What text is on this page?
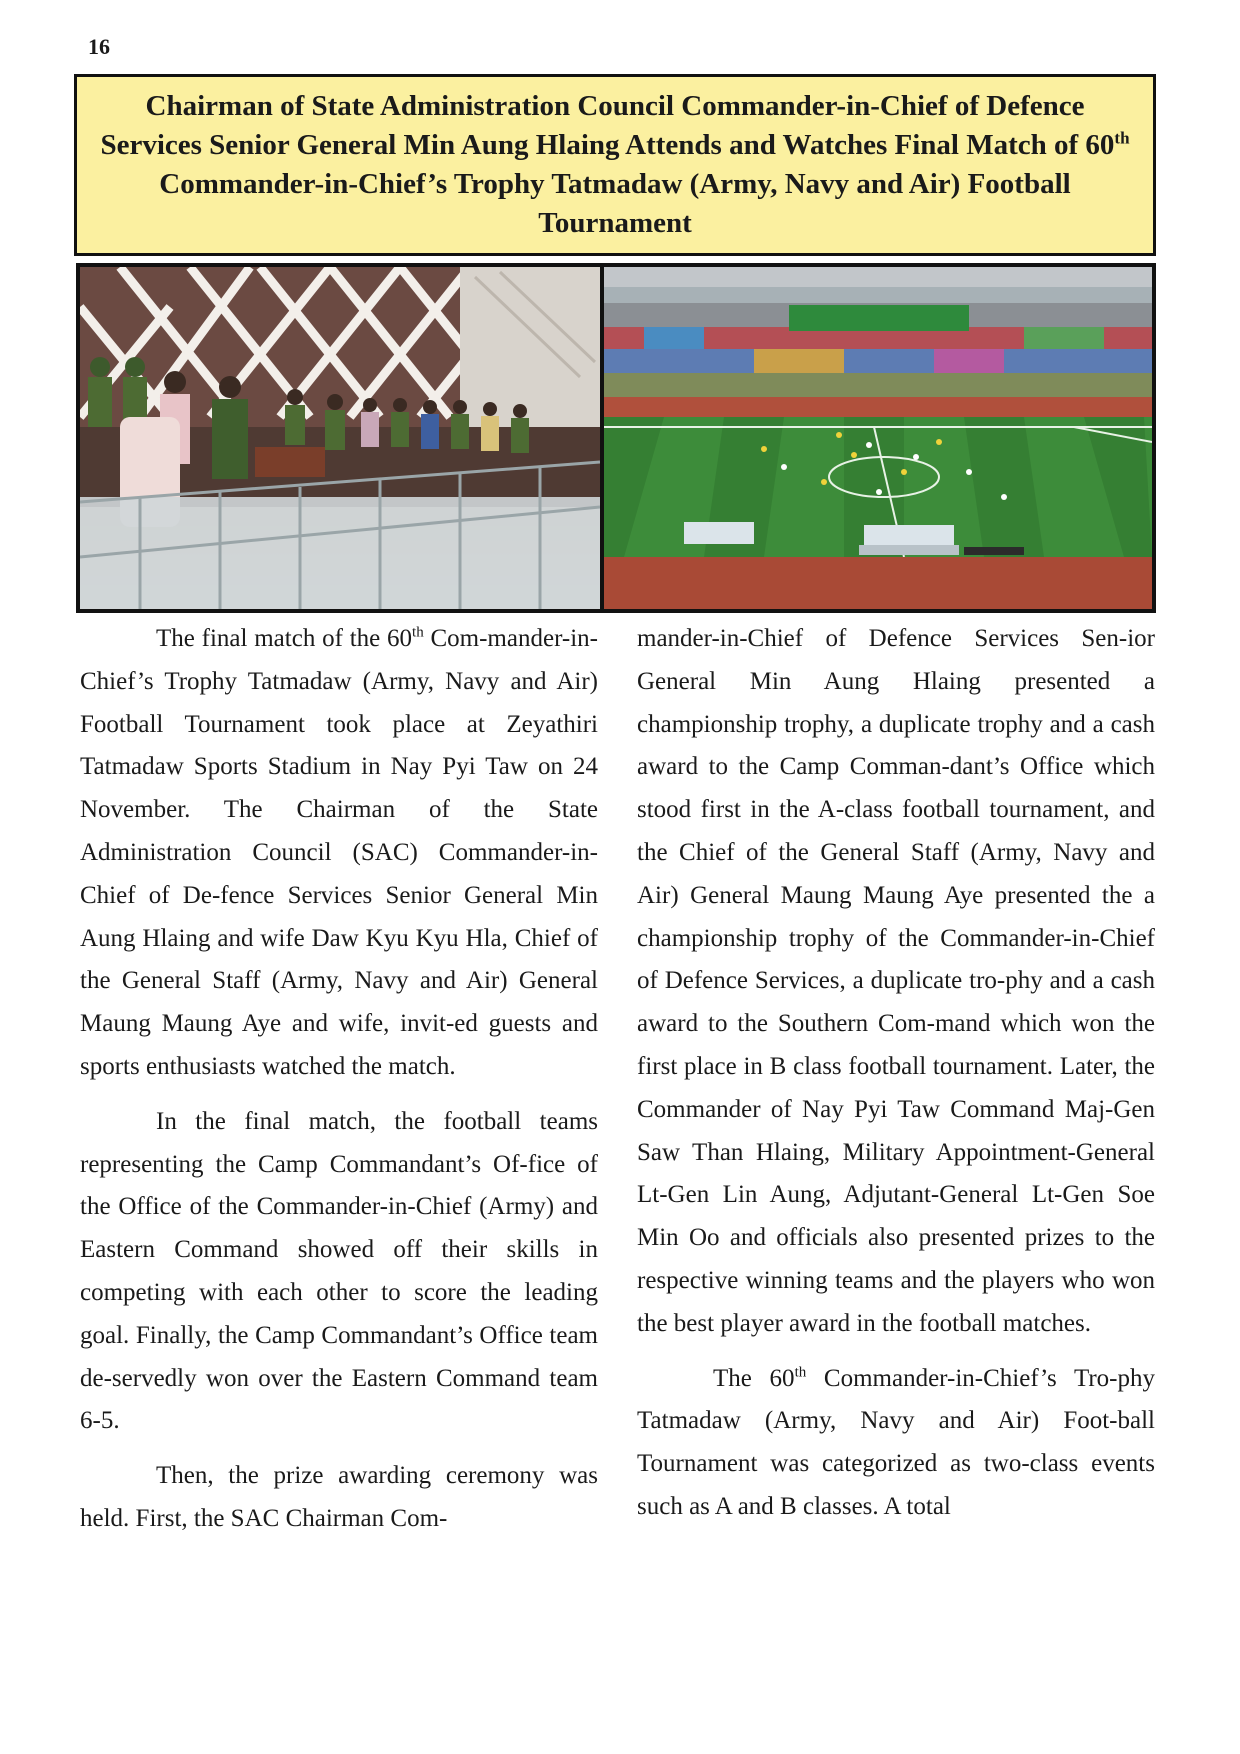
16
Chairman of State Administration Council Commander-in-Chief of Defence Services Senior General Min Aung Hlaing Attends and Watches Final Match of 60th Commander-in-Chief’s Trophy Tatmadaw (Army, Navy and Air) Football Tournament

The final match of the 60th Com-mander-in-Chief’s Trophy Tatmadaw (Army, Navy and Air) Football Tournament took place at Zeyathiri Tatmadaw Sports Stadium in Nay Pyi Taw on 24 November. The Chairman of the State Administration Council (SAC) Commander-in-Chief of De-fence Services Senior General Min Aung Hlaing and wife Daw Kyu Kyu Hla, Chief of the General Staff (Army, Navy and Air) General Maung Maung Aye and wife, invit-ed guests and sports enthusiasts watched the match.

In the final match, the football teams representing the Camp Commandant’s Of-fice of the Office of the Commander-in-Chief (Army) and Eastern Command showed off their skills in competing with each other to score the leading goal. Finally, the Camp Commandant’s Office team de-servedly won over the Eastern Command team 6-5.

Then, the prize awarding ceremony was held. First, the SAC Chairman Com-

mander-in-Chief of Defence Services Sen-ior General Min Aung Hlaing presented a championship trophy, a duplicate trophy and a cash award to the Camp Comman-dant’s Office which stood first in the A-class football tournament, and the Chief of the General Staff (Army, Navy and Air) General Maung Maung Aye presented the a championship trophy of the Commander-in-Chief of Defence Services, a duplicate tro-phy and a cash award to the Southern Com-mand which won the first place in B class football tournament. Later, the Commander of Nay Pyi Taw Command Maj-Gen Saw Than Hlaing, Military Appointment-General Lt-Gen Lin Aung, Adjutant-General Lt-Gen Soe Min Oo and officials also presented prizes to the respective winning teams and the players who won the best player award in the football matches.

The 60th Commander-in-Chief’s Tro-phy Tatmadaw (Army, Navy and Air) Foot-ball Tournament was categorized as two-class events such as A and B classes. A total
